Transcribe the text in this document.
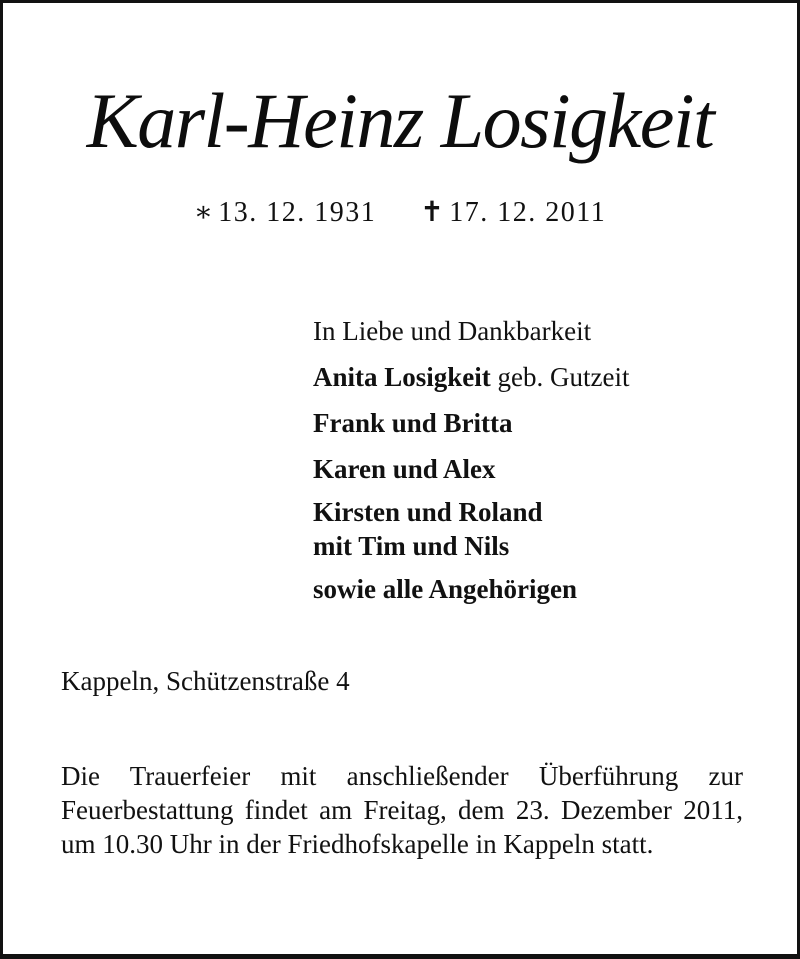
Karl-Heinz Losigkeit
∗ 13. 12. 1931 ✝ 17. 12. 2011
In Liebe und Dankbarkeit
Anita Losigkeit geb. Gutzeit
Frank und Britta
Karen und Alex
Kirsten und Roland
mit Tim und Nils
sowie alle Angehörigen
Kappeln, Schützenstraße 4
Die Trauerfeier mit anschließender Überführung zur Feuerbestattung findet am Freitag, dem 23. Dezember 2011, um 10.30 Uhr in der Friedhofskapelle in Kappeln statt.
